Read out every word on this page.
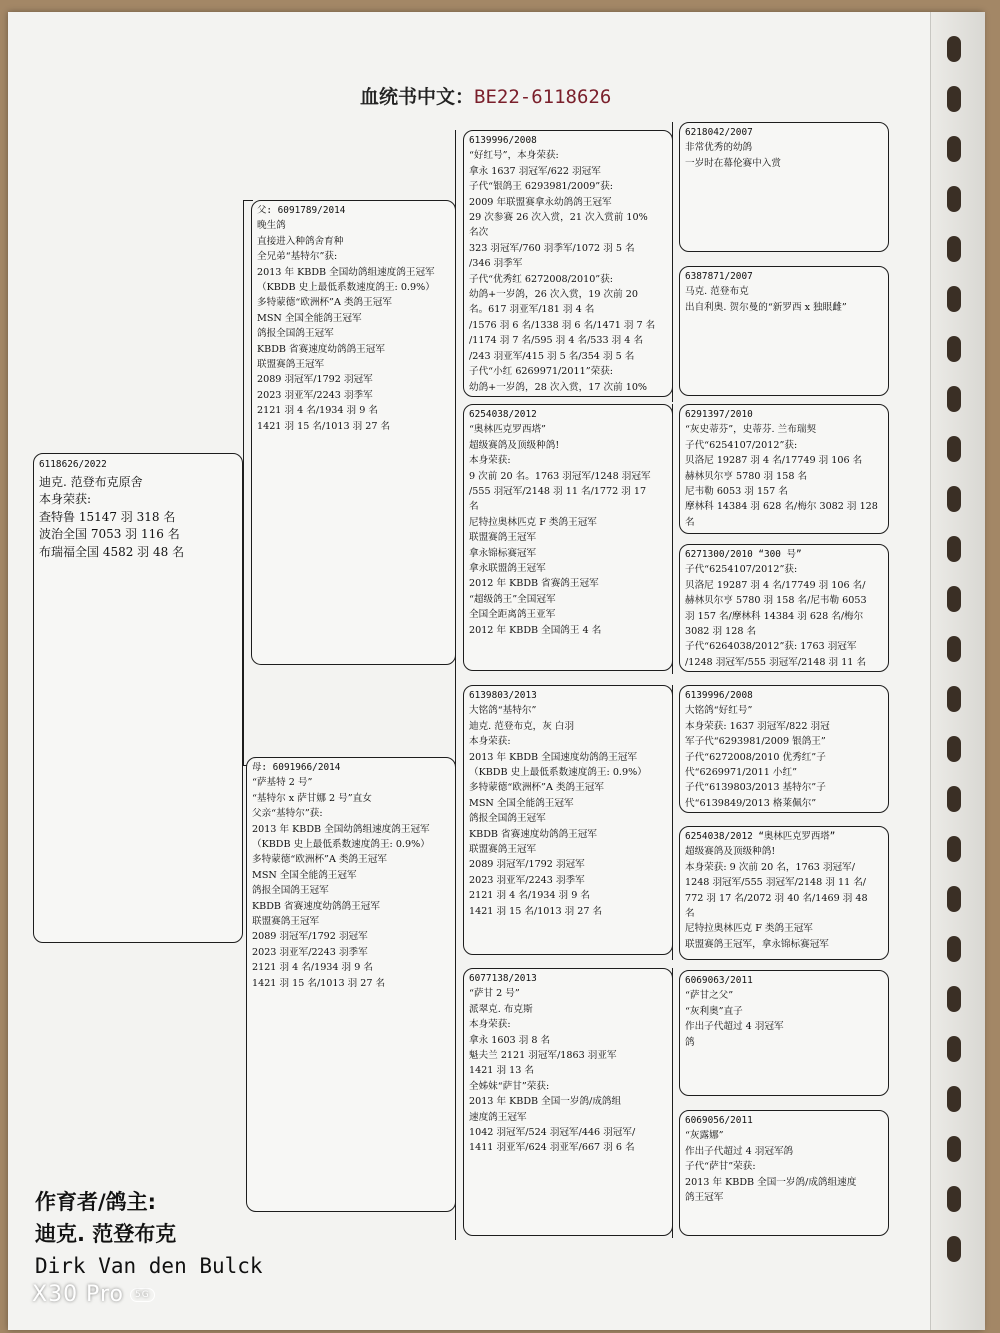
血统书中文：BE22-6118626
6118626/2022
迪克. 范登布克原舍
本身荣获:
查特鲁 15147 羽 318 名
波治全国 7053 羽 116 名
布瑞福全国 4582 羽 48 名
父: 6091789/2014
晚生鸽
直接进入种鸽舍育种
全兄弟“基特尔”获:
2013 年 KBDB 全国幼鸽组速度鸽王冠军
（KBDB 史上最低系数速度鸽王: 0.9%）
多特蒙德“欧洲杯”A 类鸽王冠军
MSN 全国全能鸽王冠军
鸽报全国鸽王冠军
KBDB 省赛速度幼鸽鸽王冠军
联盟赛鸽王冠军
2089 羽冠军/1792 羽冠军
2023 羽亚军/2243 羽季军
2121 羽 4 名/1934 羽 9 名
1421 羽 15 名/1013 羽 27 名
母: 6091966/2014
“萨基特 2 号”
“基特尔 x 萨甘娜 2 号”直女
父亲“基特尔”获:
2013 年 KBDB 全国幼鸽组速度鸽王冠军
（KBDB 史上最低系数速度鸽王: 0.9%）
多特蒙德“欧洲杯”A 类鸽王冠军
MSN 全国全能鸽王冠军
鸽报全国鸽王冠军
KBDB 省赛速度幼鸽鸽王冠军
联盟赛鸽王冠军
2089 羽冠军/1792 羽冠军
2023 羽亚军/2243 羽季军
2121 羽 4 名/1934 羽 9 名
1421 羽 15 名/1013 羽 27 名
6139996/2008
“好红号”，本身荣获:
拿永 1637 羽冠军/622 羽冠军
子代“银鸽王 6293981/2009”获:
2009 年联盟赛拿永幼鸽鸽王冠军
29 次参赛 26 次入赏，21 次入赏前 10%
名次
323 羽冠军/760 羽季军/1072 羽 5 名
/346 羽季军
子代“优秀红 6272008/2010”获:
幼鸽+一岁鸽，26 次入赏，19 次前 20
名。617 羽亚军/181 羽 4 名
/1576 羽 6 名/1338 羽 6 名/1471 羽 7 名
/1174 羽 7 名/595 羽 4 名/533 羽 4 名
/243 羽亚军/415 羽 5 名/354 羽 5 名
子代“小红 6269971/2011”荣获:
幼鸽+一岁鸽，28 次入赏，17 次前 10%
6254038/2012
“奥林匹克罗西塔”
超级赛鸽及顶级种鸽!
本身荣获:
9 次前 20 名。1763 羽冠军/1248 羽冠军
/555 羽冠军/2148 羽 11 名/1772 羽 17
名
尼特拉奥林匹克 F 类鸽王冠军
联盟赛鸽王冠军
拿永锦标赛冠军
拿永联盟鸽王冠军
2012 年 KBDB 省赛鸽王冠军
“超级鸽王”全国冠军
全国全距离鸽王亚军
2012 年 KBDB 全国鸽王 4 名
6139803/2013
大铭鸽“基特尔”
迪克. 范登布克，灰 白羽
本身荣获:
2013 年 KBDB 全国速度幼鸽鸽王冠军
（KBDB 史上最低系数速度鸽王: 0.9%）
多特蒙德“欧洲杯”A 类鸽王冠军
MSN 全国全能鸽王冠军
鸽报全国鸽王冠军
KBDB 省赛速度幼鸽鸽王冠军
联盟赛鸽王冠军
2089 羽冠军/1792 羽冠军
2023 羽亚军/2243 羽季军
2121 羽 4 名/1934 羽 9 名
1421 羽 15 名/1013 羽 27 名
6077138/2013
“萨甘 2 号”
派翠克. 布克斯
本身荣获:
拿永 1603 羽 8 名
魁夫兰 2121 羽冠军/1863 羽亚军
1421 羽 13 名
全姊妹“萨甘”荣获:
2013 年 KBDB 全国一岁鸽/成鸽组
速度鸽王冠军
1042 羽冠军/524 羽冠军/446 羽冠军/
1411 羽亚军/624 羽亚军/667 羽 6 名
6218042/2007
非常优秀的幼鸽
一岁时在幕伦赛中入赏
6387871/2007
马克. 范登布克
出自利奥. 贺尔曼的“新罗西 x 独眼雌”
6291397/2010
“灰史蒂芬”，史蒂芬. 兰布瑞契
子代“6254107/2012”获:
贝洛尼 19287 羽 4 名/17749 羽 106 名
赫林贝尔亨 5780 羽 158 名
尼韦勒 6053 羽 157 名
摩林科 14384 羽 628 名/梅尔 3082 羽 128
名
6271300/2010 “300 号”
子代“6254107/2012”获:
贝洛尼 19287 羽 4 名/17749 羽 106 名/
赫林贝尔亨 5780 羽 158 名/尼韦勒 6053
羽 157 名/摩林科 14384 羽 628 名/梅尔
3082 羽 128 名
子代“6264038/2012”获: 1763 羽冠军
/1248 羽冠军/555 羽冠军/2148 羽 11 名
6139996/2008
大铭鸽“好红号”
本身荣获: 1637 羽冠军/822 羽冠
军子代“6293981/2009 银鸽王”
子代“6272008/2010 优秀红”子
代“6269971/2011 小红”
子代“6139803/2013 基特尔”子
代“6139849/2013 格莱佩尔”
6254038/2012 “奥林匹克罗西塔”
超级赛鸽及顶级种鸽!
本身荣获: 9 次前 20 名，1763 羽冠军/
1248 羽冠军/555 羽冠军/2148 羽 11 名/
772 羽 17 名/2072 羽 40 名/1469 羽 48
名
尼特拉奥林匹克 F 类鸽王冠军
联盟赛鸽王冠军，拿永锦标赛冠军
6069063/2011
“萨甘之父”
“灰利奥”直子
作出子代超过 4 羽冠军
鸽
6069056/2011
“灰露娜”
作出子代超过 4 羽冠军鸽
子代“萨甘”荣获:
2013 年 KBDB 全国一岁鸽/成鸽组速度
鸽王冠军
作育者/鸽主:
迪克. 范登布克
Dirk Van den Bulck
X30 Pro 5G
